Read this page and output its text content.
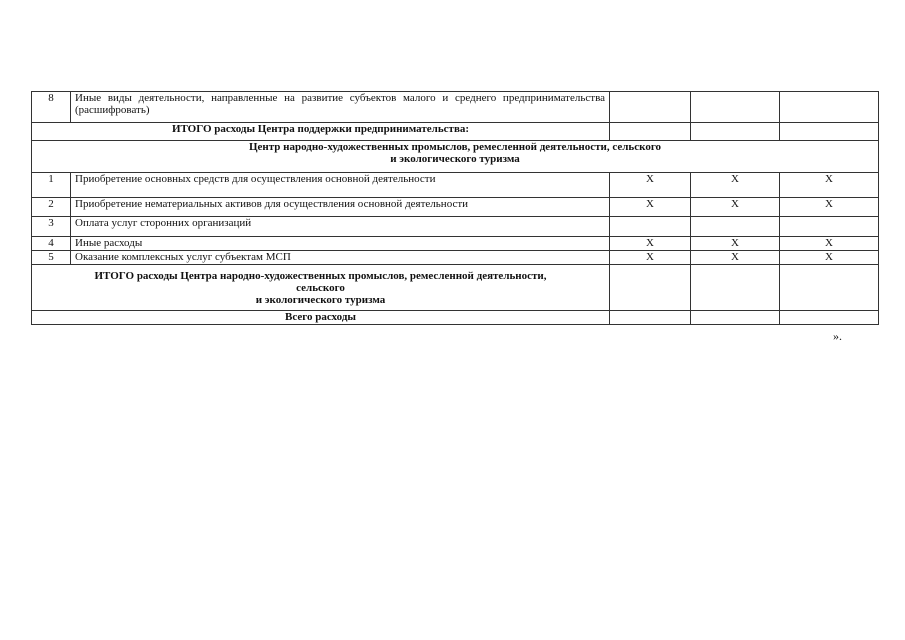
8	Иные виды деятельности, направленные на развитие субъектов малого и среднего предпринимательства (расшифровать)			
ИТОГО расходы Центра поддержки предпринимательства:				

Центр народно-художественных промыслов, ремесленной деятельности, сельского
и экологического туризма				

1	Приобретение основных средств для осуществления основной деятельности	Х	Х	Х
2	Приобретение нематериальных активов для осуществления основной деятельности	Х	Х	Х
3	Оплата услуг сторонних организаций			
4	Иные расходы	Х	Х	Х
5	Оказание комплексных услуг субъектам МСП	Х	Х	Х

ИТОГО расходы Центра народно-художественных промыслов, ремесленной деятельности,
сельского
и экологического туризма				

Всего расходы				
».
